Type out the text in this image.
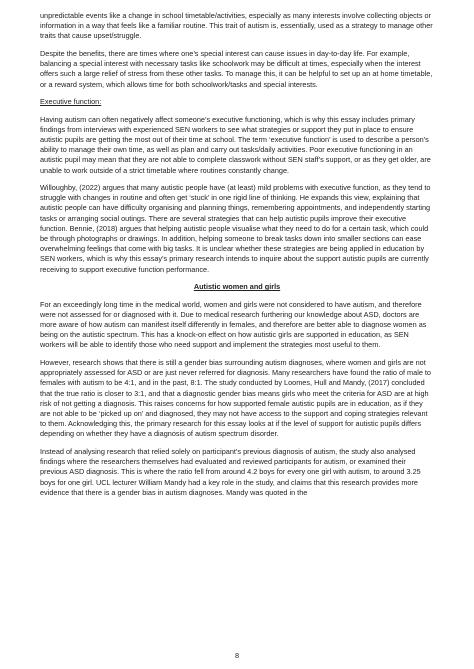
unpredictable events like a change in school timetable/activities, especially as many interests involve collecting objects or information in a way that feels like a familiar routine. This trait of autism is, essentially, used as a strategy to manage other traits that cause upset/struggle.

Despite the benefits, there are times where one’s special interest can cause issues in day-to-day life. For example, balancing a special interest with necessary tasks like schoolwork may be difficult at times, especially when the interest offers such a large relief of stress from these other tasks. To manage this, it can be helpful to set up an at home timetable, or a reward system, which allows time for both schoolwork/tasks and special interests.

Executive function:

Having autism can often negatively affect someone’s executive functioning, which is why this essay includes primary findings from interviews with experienced SEN workers to see what strategies or support they put in place to ensure autistic pupils are getting the most out of their time at school. The term ‘executive function’ is used to describe a person’s ability to manage their own time, as well as plan and carry out tasks/daily activities. Poor executive functioning in an autistic pupil may mean that they are not able to complete classwork without SEN staff’s support, or as they get older, are unable to work outside of a strict timetable where routines constantly change.

Willoughby, (2022) argues that many autistic people have (at least) mild problems with executive function, as they tend to struggle with changes in routine and often get ‘stuck’ in one rigid line of thinking. He expands this view, explaining that autistic people can have difficulty organising and planning things, remembering appointments, and independently starting tasks or arranging social outings. There are several strategies that can help autistic pupils improve their executive function. Bennie, (2018) argues that helping autistic people visualise what they need to do for a certain task, which could be through photographs or drawings. In addition, helping someone to break tasks down into smaller sections can ease overwhelming feelings that come with big tasks. It is unclear whether these strategies are being applied in education by SEN workers, which is why this essay’s primary research intends to inquire about the support autistic pupils are currently receiving to support executive function performance.

Autistic women and girls

For an exceedingly long time in the medical world, women and girls were not considered to have autism, and therefore were not assessed for or diagnosed with it. Due to medical research furthering our knowledge about ASD, doctors are more aware of how autism can manifest itself differently in females, and therefore are better able to diagnose women as being on the autistic spectrum. This has a knock-on effect on how autistic girls are supported in education, as SEN workers will be able to identify those who need support and implement the strategies most useful to them.

However, research shows that there is still a gender bias surrounding autism diagnoses, where women and girls are not appropriately assessed for ASD or are just never referred for diagnosis. Many researchers have found the ratio of male to females with autism to be 4:1, and in the past, 8:1. The study conducted by Loomes, Hull and Mandy, (2017) concluded that the true ratio is closer to 3:1, and that a diagnostic gender bias means girls who meet the criteria for ASD are at high risk of not getting a diagnosis. This raises concerns for how supported female autistic pupils are in education, as if they are not able to be ‘picked up on’ and diagnosed, they may not have access to the support and coping strategies relevant to them. Acknowledging this, the primary research for this essay looks at if the level of support for autistic pupils differs depending on whether they have a diagnosis of autism spectrum disorder.

Instead of analysing research that relied solely on participant’s previous diagnosis of autism, the study also analysed findings where the researchers themselves had evaluated and reviewed participants for autism, or examined their previous ASD diagnosis. This is where the ratio fell from around 4.2 boys for every one girl with autism, to around 3.25 boys for one girl. UCL lecturer William Mandy had a key role in the study, and claims that this research provides more evidence that there is a gender bias in autism diagnoses. Mandy was quoted in the

8
